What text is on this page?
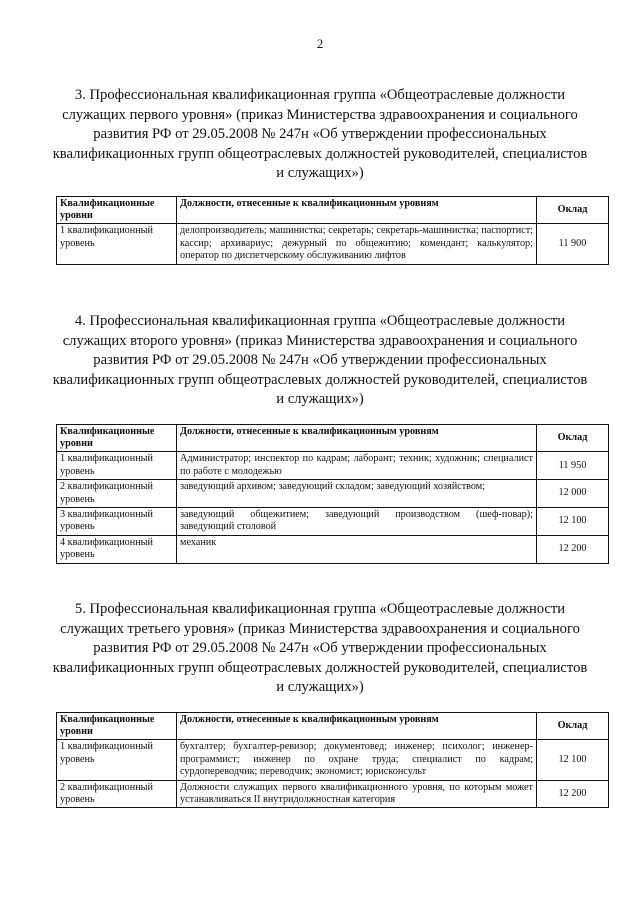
2

3. Профессиональная квалификационная группа «Общеотраслевые должности служащих первого уровня» (приказ Министерства здравоохранения и социального развития РФ от 29.05.2008 № 247н «Об утверждении профессиональных квалификационных групп общеотраслевых должностей руководителей, специалистов и служащих»)

Квалификационные уровни	Должности, отнесенные к квалификационным уровням	Оклад
1 квалификационный уровень	делопроизводитель; машинистка; секретарь; секретарь-машинистка; паспортист; кассир; архивариус; дежурный по общежитию; комендант; калькулятор; оператор по диспетчерскому обслуживанию лифтов	11 900

4. Профессиональная квалификационная группа «Общеотраслевые должности служащих второго уровня» (приказ Министерства здравоохранения и социального развития РФ от 29.05.2008 № 247н «Об утверждении профессиональных квалификационных групп общеотраслевых должностей руководителей, специалистов и служащих»)

Квалификационные уровни	Должности, отнесенные к квалификационным уровням	Оклад
1 квалификационный уровень	Администратор; инспектор по кадрам; лаборант; техник; художник; специалист по работе с молодежью	11 950
2 квалификационный уровень	заведующий архивом; заведующий складом; заведующий хозяйством;	12 000
3 квалификационный уровень	заведующий общежитием; заведующий производством (шеф-повар); заведующий столовой	12 100
4 квалификационный уровень	механик	12 200

5. Профессиональная квалификационная группа «Общеотраслевые должности служащих третьего уровня» (приказ Министерства здравоохранения и социального развития РФ от 29.05.2008 № 247н «Об утверждении профессиональных квалификационных групп общеотраслевых должностей руководителей, специалистов и служащих»)

Квалификационные уровни	Должности, отнесенные к квалификационным уровням	Оклад
1 квалификационный уровень	бухгалтер; бухгалтер-ревизор; документовед; инженер; психолог; инженер-программист; инженер по охране труда; специалист по кадрам; сурдопереводчик; переводчик; экономист; юрисконсульт	12 100
2 квалификационный уровень	Должности служащих первого квалификационного уровня, по которым может устанавливаться II внутридолжностная категория	12 200
